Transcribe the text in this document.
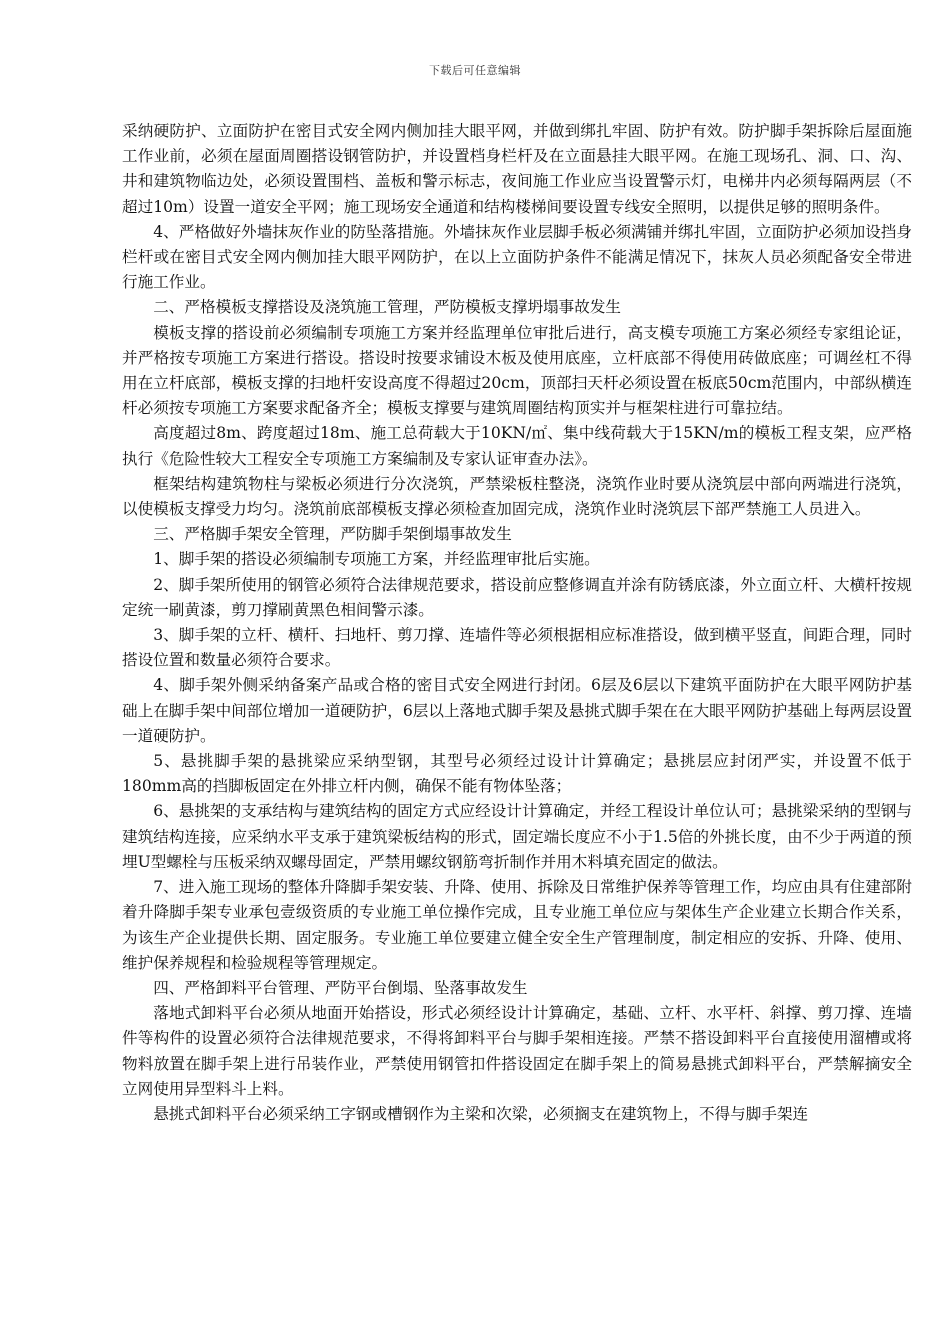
下载后可任意编辑

采纳硬防护、立面防护在密目式安全网内侧加挂大眼平网，并做到绑扎牢固、防护有效。防护脚手架拆除后屋面施工作业前，必须在屋面周圈搭设钢管防护，并设置档身栏杆及在立面悬挂大眼平网。在施工现场孔、洞、口、沟、井和建筑物临边处，必须设置围档、盖板和警示标志，夜间施工作业应当设置警示灯，电梯井内必须每隔两层（不超过10m）设置一道安全平网；施工现场安全通道和结构楼梯间要设置专线安全照明，以提供足够的照明条件。

4、严格做好外墙抹灰作业的防坠落措施。外墙抹灰作业层脚手板必须满铺并绑扎牢固，立面防护必须加设挡身栏杆或在密目式安全网内侧加挂大眼平网防护，在以上立面防护条件不能满足情况下，抹灰人员必须配备安全带进行施工作业。

二、严格模板支撑搭设及浇筑施工管理，严防模板支撑坍塌事故发生

模板支撑的搭设前必须编制专项施工方案并经监理单位审批后进行，高支模专项施工方案必须经专家组论证，并严格按专项施工方案进行搭设。搭设时按要求铺设木板及使用底座，立杆底部不得使用砖做底座；可调丝杠不得用在立杆底部，模板支撑的扫地杆安设高度不得超过20cm，顶部扫天杆必须设置在板底50cm范围内，中部纵横连杆必须按专项施工方案要求配备齐全；模板支撑要与建筑周圈结构顶实并与框架柱进行可靠拉结。

高度超过8m、跨度超过18m、施工总荷载大于10KN/㎡、集中线荷载大于15KN/m的模板工程支架，应严格执行《危险性较大工程安全专项施工方案编制及专家认证审查办法》。

框架结构建筑物柱与梁板必须进行分次浇筑，严禁梁板柱整浇，浇筑作业时要从浇筑层中部向两端进行浇筑，以使模板支撑受力均匀。浇筑前底部模板支撑必须检查加固完成，浇筑作业时浇筑层下部严禁施工人员进入。

三、严格脚手架安全管理，严防脚手架倒塌事故发生

1、脚手架的搭设必须编制专项施工方案，并经监理审批后实施。

2、脚手架所使用的钢管必须符合法律规范要求，搭设前应整修调直并涂有防锈底漆，外立面立杆、大横杆按规定统一刷黄漆，剪刀撑刷黄黑色相间警示漆。

3、脚手架的立杆、横杆、扫地杆、剪刀撑、连墙件等必须根据相应标准搭设，做到横平竖直，间距合理，同时搭设位置和数量必须符合要求。

4、脚手架外侧采纳备案产品或合格的密目式安全网进行封闭。6层及6层以下建筑平面防护在大眼平网防护基础上在脚手架中间部位增加一道硬防护，6层以上落地式脚手架及悬挑式脚手架在在大眼平网防护基础上每两层设置一道硬防护。

5、悬挑脚手架的悬挑梁应采纳型钢，其型号必须经过设计计算确定；悬挑层应封闭严实，并设置不低于180mm高的挡脚板固定在外排立杆内侧，确保不能有物体坠落；

6、悬挑架的支承结构与建筑结构的固定方式应经设计计算确定，并经工程设计单位认可；悬挑梁采纳的型钢与建筑结构连接，应采纳水平支承于建筑梁板结构的形式，固定端长度应不小于1.5倍的外挑长度，由不少于两道的预埋U型螺栓与压板采纳双螺母固定，严禁用螺纹钢筋弯折制作并用木料填充固定的做法。

7、进入施工现场的整体升降脚手架安装、升降、使用、拆除及日常维护保养等管理工作，均应由具有住建部附着升降脚手架专业承包壹级资质的专业施工单位操作完成，且专业施工单位应与架体生产企业建立长期合作关系，为该生产企业提供长期、固定服务。专业施工单位要建立健全安全生产管理制度，制定相应的安拆、升降、使用、维护保养规程和检验规程等管理规定。

四、严格卸料平台管理、严防平台倒塌、坠落事故发生

落地式卸料平台必须从地面开始搭设，形式必须经设计计算确定，基础、立杆、水平杆、斜撑、剪刀撑、连墙件等构件的设置必须符合法律规范要求，不得将卸料平台与脚手架相连接。严禁不搭设卸料平台直接使用溜槽或将物料放置在脚手架上进行吊装作业，严禁使用钢管扣件搭设固定在脚手架上的简易悬挑式卸料平台，严禁解摘安全立网使用异型料斗上料。

悬挑式卸料平台必须采纳工字钢或槽钢作为主梁和次梁，必须搁支在建筑物上，不得与脚手架连
